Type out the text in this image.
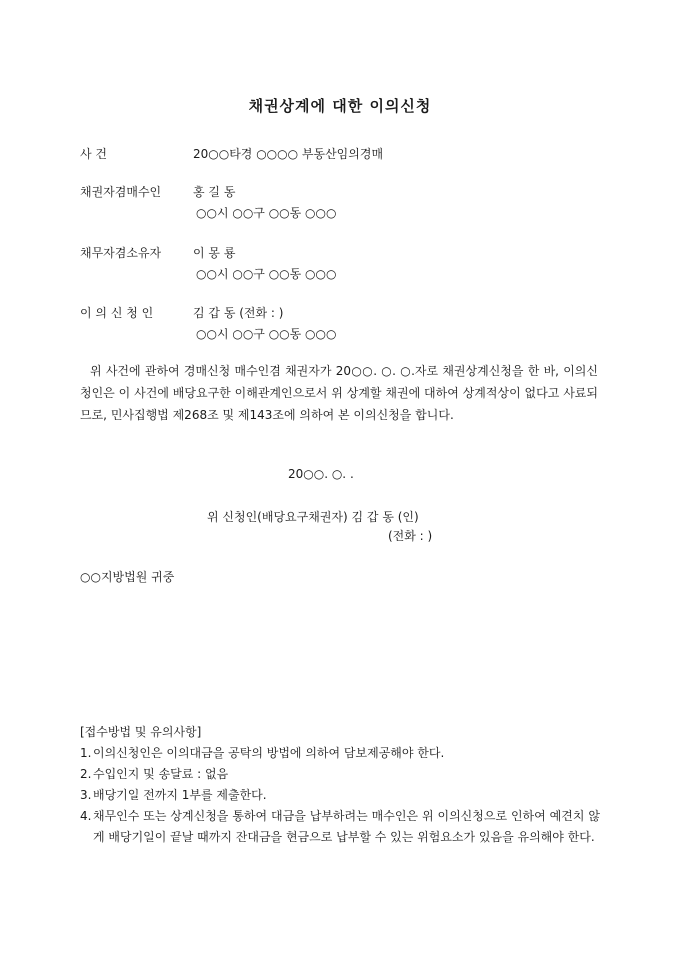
채권상계에 대한 이의신청
사 건	20○○타경 ○○○○ 부동산임의경매
채권자겸매수인	홍 길 동
○○시 ○○구 ○○동 ○○○
채무자겸소유자	이 몽 룡
○○시 ○○구 ○○동 ○○○
이 의 신 청 인	김 갑 동 (전화 : )
○○시 ○○구 ○○동 ○○○
위 사건에 관하여 경매신청 매수인겸 채권자가 20○○. ○. ○.자로 채권상계신청을 한 바, 이의신청인은 이 사건에 배당요구한 이해관계인으로서 위 상계할 채권에 대하여 상계적상이 없다고 사료되므로, 민사집행법 제268조 및 제143조에 의하여 본 이의신청을 합니다.
20○○. ○. .
위 신청인(배당요구채권자) 김 갑 동 (인)
(전화 : )
○○지방법원 귀중
[접수방법 및 유의사항]
1. 이의신청인은 이의대금을 공탁의 방법에 의하여 담보제공해야 한다.
2. 수입인지 및 송달료 : 없음
3. 배당기일 전까지 1부를 제출한다.
4. 채무인수 또는 상계신청을 통하여 대금을 납부하려는 매수인은 위 이의신청으로 인하여 예견치 않게 배당기일이 끝날 때까지 잔대금을 현금으로 납부할 수 있는 위험요소가 있음을 유의해야 한다.
